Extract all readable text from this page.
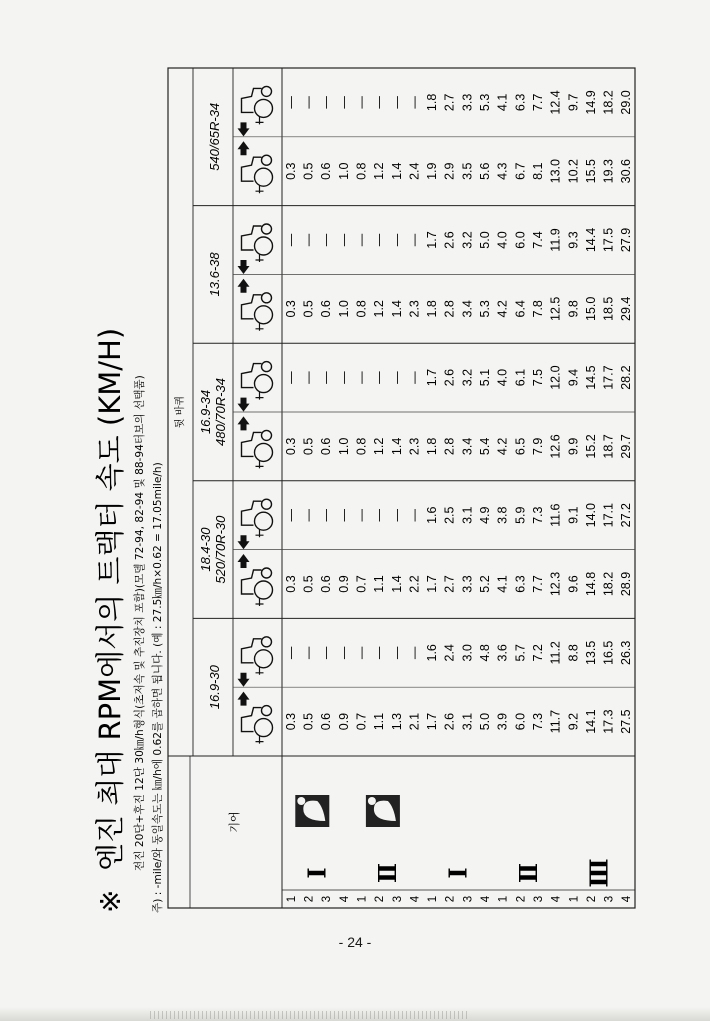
※
엔진 최대 RPM에서의 트랙터 속도 (KM/H) 전진 20단+후진 12단 30㎞/h형식(초저속 및 추진장치 포함)(모델 72-94, 82-94 및 88-94터보의 선택품) 주) : -mile/와 동일속도는 ㎞/h에 0.62를 곱하면 됩니다. (예 : 27.5㎞/h×0.62 = 17.05mile/h)
뒷 바퀴
기어
16.9-30
18.4-30 520/70R-30
16.9-34 480/70R-34
13.6-38
540/65R-34
1
0.3
—
0.3
—
0.3
—
0.3
—
0.3
—
2
0.5
—
0.5
—
0.5
—
0.5
—
0.5
—
3
0.6
—
0.6
—
0.6
—
0.6
—
0.6
—
4
0.9
—
0.9
—
1.0
—
1.0
—
1.0
—
1
0.7
—
0.7
—
0.8
—
0.8
—
0.8
—
2
1.1
—
1.1
—
1.2
—
1.2
—
1.2
—
3
1.3
—
1.4
—
1.4
—
1.4
—
1.4
—
4
2.1
—
2.2
—
2.3
—
2.3
—
2.4
—
1
1.7
1.6
1.7
1.6
1.8
1.7
1.8
1.7
1.9
1.8
2
2.6
2.4
2.7
2.5
2.8
2.6
2.8
2.6
2.9
2.7
3
3.1
3.0
3.3
3.1
3.4
3.2
3.4
3.2
3.5
3.3
4
5.0
4.8
5.2
4.9
5.4
5.1
5.3
5.0
5.6
5.3
1
3.9
3.6
4.1
3.8
4.2
4.0
4.2
4.0
4.3
4.1
2
6.0
5.7
6.3
5.9
6.5
6.1
6.4
6.0
6.7
6.3
3
7.3
7.2
7.7
7.3
7.9
7.5
7.8
7.4
8.1
7.7
4
11.7
11.2
12.3
11.6
12.6
12.0
12.5
11.9
13.0
12.4
1
9.2
8.8
9.6
9.1
9.9
9.4
9.8
9.3
10.2
9.7
2
14.1
13.5
14.8
14.0
15.2
14.5
15.0
14.4
15.5
14.9
3
17.3
16.5
18.2
17.1
18.7
17.7
18.5
17.5
19.3
18.2
4
27.5
26.3
28.9
27.2
29.7
28.2
29.4
27.9
30.6
29.0
Ⅰ Ⅱ Ⅰ Ⅱ Ⅲ
- 24 -
